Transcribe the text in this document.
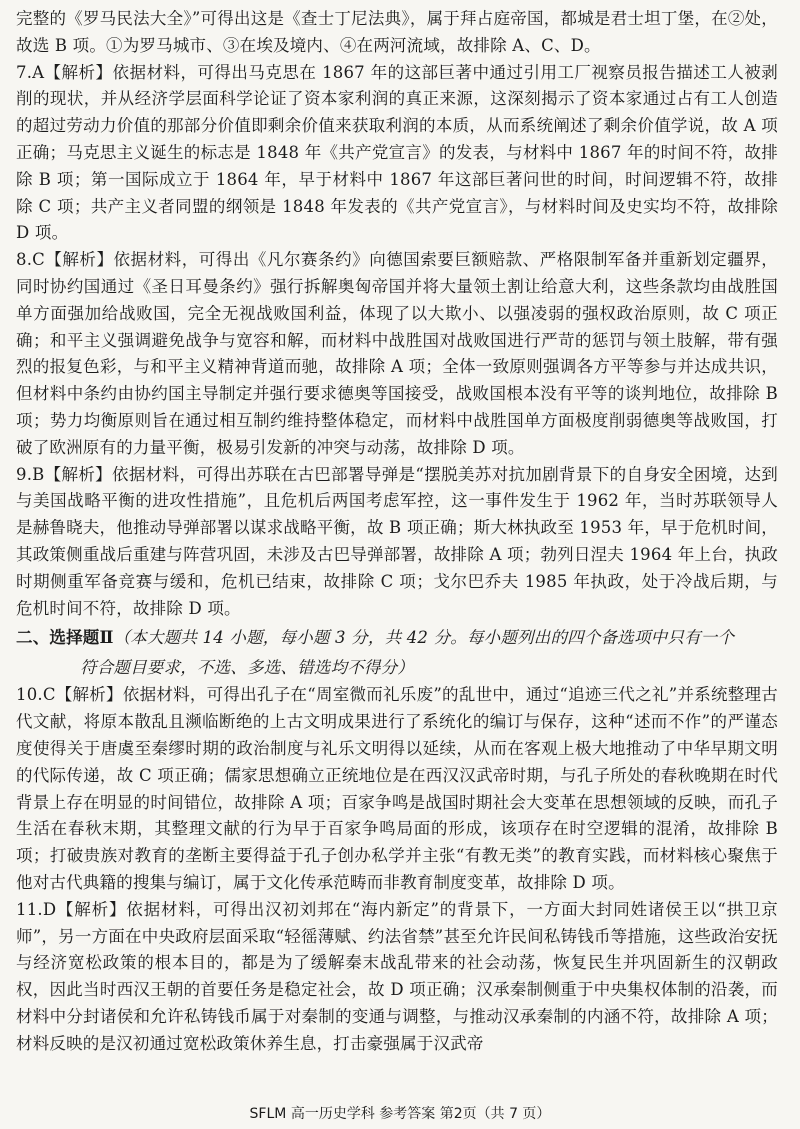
完整的《罗马民法大全》”可得出这是《查士丁尼法典》，属于拜占庭帝国，都城是君士坦丁堡，在②处，故选 B 项。①为罗马城市、③在埃及境内、④在两河流域，故排除 A、C、D。

7.A【解析】依据材料，可得出马克思在 1867 年的这部巨著中通过引用工厂视察员报告描述工人被剥削的现状，并从经济学层面科学论证了资本家利润的真正来源，这深刻揭示了资本家通过占有工人创造的超过劳动力价值的那部分价值即剩余价值来获取利润的本质，从而系统阐述了剩余价值学说，故 A 项正确；马克思主义诞生的标志是 1848 年《共产党宣言》的发表，与材料中 1867 年的时间不符，故排除 B 项；第一国际成立于 1864 年，早于材料中 1867 年这部巨著问世的时间，时间逻辑不符，故排除 C 项；共产主义者同盟的纲领是 1848 年发表的《共产党宣言》，与材料时间及史实均不符，故排除 D 项。

8.C【解析】依据材料，可得出《凡尔赛条约》向德国索要巨额赔款、严格限制军备并重新划定疆界，同时协约国通过《圣日耳曼条约》强行拆解奥匈帝国并将大量领土割让给意大利，这些条款均由战胜国单方面强加给战败国，完全无视战败国利益，体现了以大欺小、以强凌弱的强权政治原则，故 C 项正确；和平主义强调避免战争与宽容和解，而材料中战胜国对战败国进行严苛的惩罚与领土肢解，带有强烈的报复色彩，与和平主义精神背道而驰，故排除 A 项；全体一致原则强调各方平等参与并达成共识，但材料中条约由协约国主导制定并强行要求德奥等国接受，战败国根本没有平等的谈判地位，故排除 B 项；势力均衡原则旨在通过相互制约维持整体稳定，而材料中战胜国单方面极度削弱德奥等战败国，打破了欧洲原有的力量平衡，极易引发新的冲突与动荡，故排除 D 项。

9.B【解析】依据材料，可得出苏联在古巴部署导弹是“摆脱美苏对抗加剧背景下的自身安全困境，达到与美国战略平衡的进攻性措施”，且危机后两国考虑军控，这一事件发生于 1962 年，当时苏联领导人是赫鲁晓夫，他推动导弹部署以谋求战略平衡，故 B 项正确；斯大林执政至 1953 年，早于危机时间，其政策侧重战后重建与阵营巩固，未涉及古巴导弹部署，故排除 A 项；勃列日涅夫 1964 年上台，执政时期侧重军备竞赛与缓和，危机已结束，故排除 C 项；戈尔巴乔夫 1985 年执政，处于冷战后期，与危机时间不符，故排除 D 项。

二、选择题Ⅱ（本大题共 14 小题，每小题 3 分，共 42 分。每小题列出的四个备选项中只有一个
符合题目要求，不选、多选、错选均不得分）

10.C【解析】依据材料，可得出孔子在“周室微而礼乐废”的乱世中，通过“追迹三代之礼”并系统整理古代文献，将原本散乱且濒临断绝的上古文明成果进行了系统化的编订与保存，这种“述而不作”的严谨态度使得关于唐虞至秦缪时期的政治制度与礼乐文明得以延续，从而在客观上极大地推动了中华早期文明的代际传递，故 C 项正确；儒家思想确立正统地位是在西汉汉武帝时期，与孔子所处的春秋晚期在时代背景上存在明显的时间错位，故排除 A 项；百家争鸣是战国时期社会大变革在思想领域的反映，而孔子生活在春秋末期，其整理文献的行为早于百家争鸣局面的形成，该项存在时空逻辑的混淆，故排除 B 项；打破贵族对教育的垄断主要得益于孔子创办私学并主张“有教无类”的教育实践，而材料核心聚焦于他对古代典籍的搜集与编订，属于文化传承范畴而非教育制度变革，故排除 D 项。

11.D【解析】依据材料，可得出汉初刘邦在“海内新定”的背景下，一方面大封同姓诸侯王以“拱卫京师”，另一方面在中央政府层面采取“轻徭薄赋、约法省禁”甚至允许民间私铸钱币等措施，这些政治安抚与经济宽松政策的根本目的，都是为了缓解秦末战乱带来的社会动荡，恢复民生并巩固新生的汉朝政权，因此当时西汉王朝的首要任务是稳定社会，故 D 项正确；汉承秦制侧重于中央集权体制的沿袭，而材料中分封诸侯和允许私铸钱币属于对秦制的变通与调整，与推动汉承秦制的内涵不符，故排除 A 项；材料反映的是汉初通过宽松政策休养生息，打击豪强属于汉武帝

SFLM 高一历史学科 参考答案 第2页（共 7 页）
